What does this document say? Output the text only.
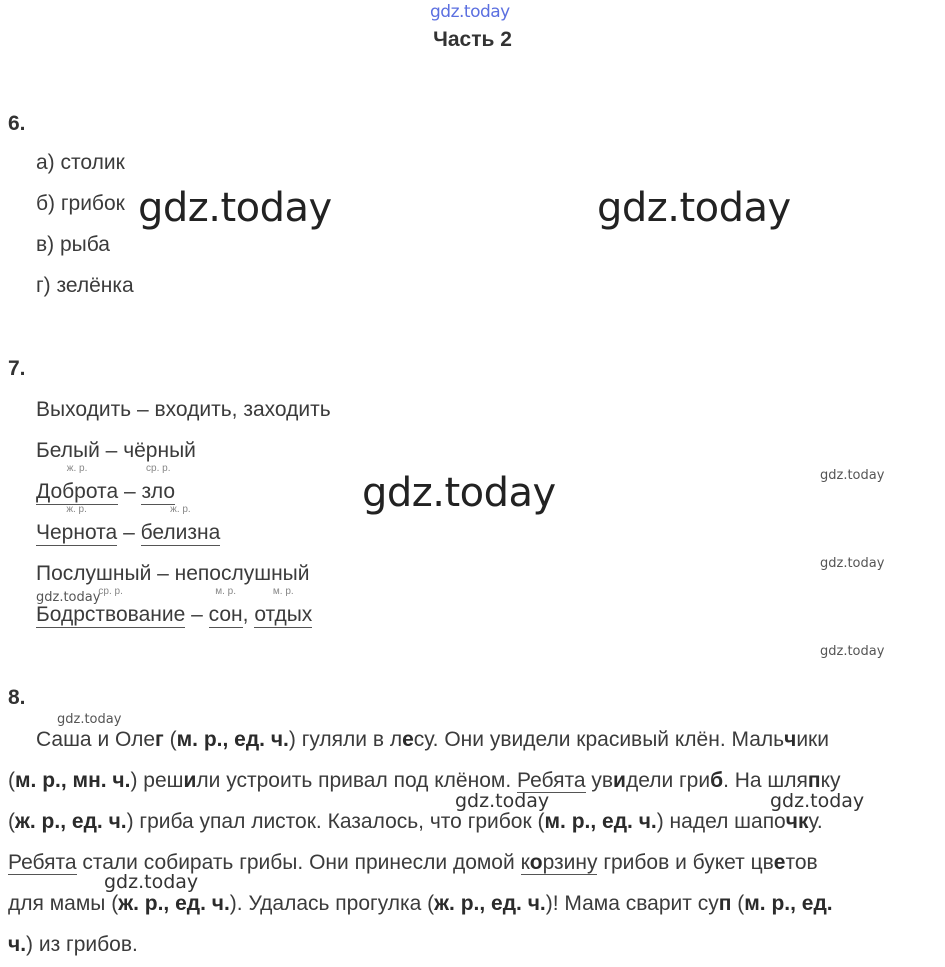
gdz.today
Часть 2
6.
а) столик
б) грибок
в) рыба
г) зелёнка
gdz.today	gdz.today
7.
Выходить – входить, заходить
Белый – чёрный
ж. р.
Доброта –
ср. р.
зло
ж. р.
Чернота –
ж. р.
белизна
Послушный – непослушный
ср. р.
Бодрствование –
м. р.
сон,
м. р.
отдых
gdz.today	gdz.today
gdz.today
gdz.today
gdz.today
8.
gdz.today
Саша и Олег (м. р., ед. ч.) гуляли в лесу. Они увидели красивый клён. Мальчики
(м. р., мн. ч.) решили устроить привал под клёном. Ребята увидели гриб. На шляпку
(ж. р., ед. ч.) гриба упал листок. Казалось, что грибок (м. р., ед. ч.) надел шапочку.
Ребята стали собирать грибы. Они принесли домой корзину грибов и букет цветов
для мамы (ж. р., ед. ч.). Удалась прогулка (ж. р., ед. ч.)! Мама сварит суп (м. р., ед.
ч.) из грибов.
gdz.today	gdz.today
gdz.today
